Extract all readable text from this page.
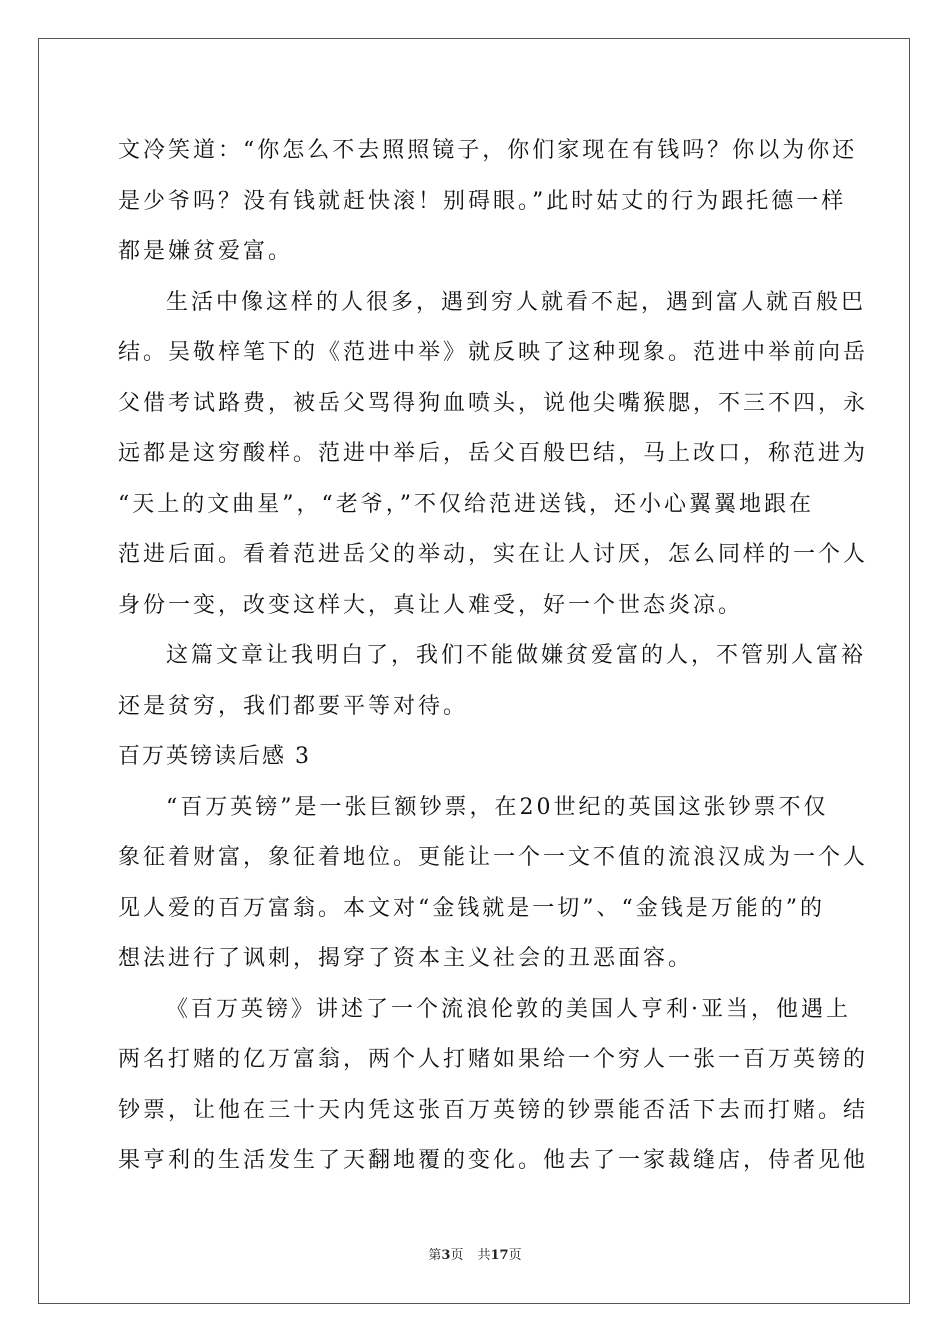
文冷笑道：“你怎么不去照照镜子，你们家现在有钱吗？你以为你还
是少爷吗？没有钱就赶快滚！别碍眼。”此时姑丈的行为跟托德一样
都是嫌贫爱富。
生活中像这样的人很多，遇到穷人就看不起，遇到富人就百般巴
结。吴敬梓笔下的《范进中举》就反映了这种现象。范进中举前向岳
父借考试路费，被岳父骂得狗血喷头，说他尖嘴猴腮，不三不四，永
远都是这穷酸样。范进中举后，岳父百般巴结，马上改口，称范进为
“天上的文曲星”，“老爷，”不仅给范进送钱，还小心翼翼地跟在
范进后面。看着范进岳父的举动，实在让人讨厌，怎么同样的一个人
身份一变，改变这样大，真让人难受，好一个世态炎凉。
这篇文章让我明白了，我们不能做嫌贫爱富的人，不管别人富裕
还是贫穷，我们都要平等对待。
百万英镑读后感 3
“百万英镑”是一张巨额钞票，在20世纪的英国这张钞票不仅
象征着财富，象征着地位。更能让一个一文不值的流浪汉成为一个人
见人爱的百万富翁。本文对“金钱就是一切”、“金钱是万能的”的
想法进行了讽刺，揭穿了资本主义社会的丑恶面容。
《百万英镑》讲述了一个流浪伦敦的美国人亨利·亚当，他遇上
两名打赌的亿万富翁，两个人打赌如果给一个穷人一张一百万英镑的
钞票，让他在三十天内凭这张百万英镑的钞票能否活下去而打赌。结
果亨利的生活发生了天翻地覆的变化。他去了一家裁缝店，侍者见他
第3页 共17页
